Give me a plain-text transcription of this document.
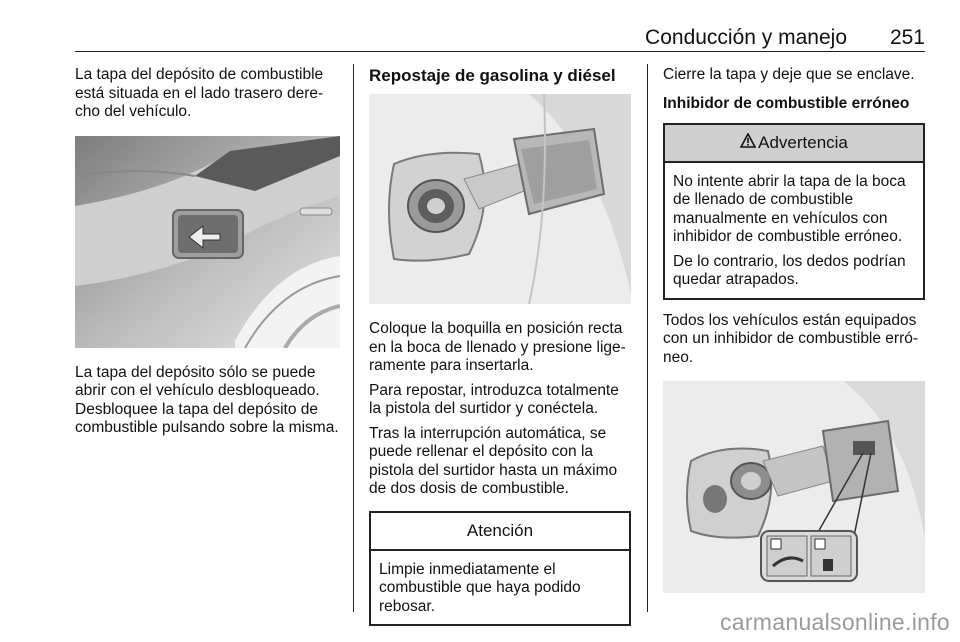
Conducción y manejo 251

La tapa del depósito de combustible está situada en el lado trasero dere‐ cho del vehículo.

La tapa del depósito sólo se puede abrir con el vehículo desbloqueado. Desbloquee la tapa del depósito de combustible pulsando sobre la misma.

Repostaje de gasolina y diésel

Coloque la boquilla en posición recta en la boca de llenado y presione lige‐ ramente para insertarla.

Para repostar, introduzca totalmente la pistola del surtidor y conéctela.

Tras la interrupción automática, se puede rellenar el depósito con la pistola del surtidor hasta un máximo de dos dosis de combustible.

Atención

Limpie inmediatamente el combustible que haya podido rebosar.

Cierre la tapa y deje que se enclave.

Inhibidor de combustible erróneo
Advertencia

No intente abrir la tapa de la boca de llenado de combustible manualmente en vehículos con inhibidor de combustible erróneo.

De lo contrario, los dedos podrían quedar atrapados.

Todos los vehículos están equipados con un inhibidor de combustible erró‐ neo.

carmanualsonline.info
